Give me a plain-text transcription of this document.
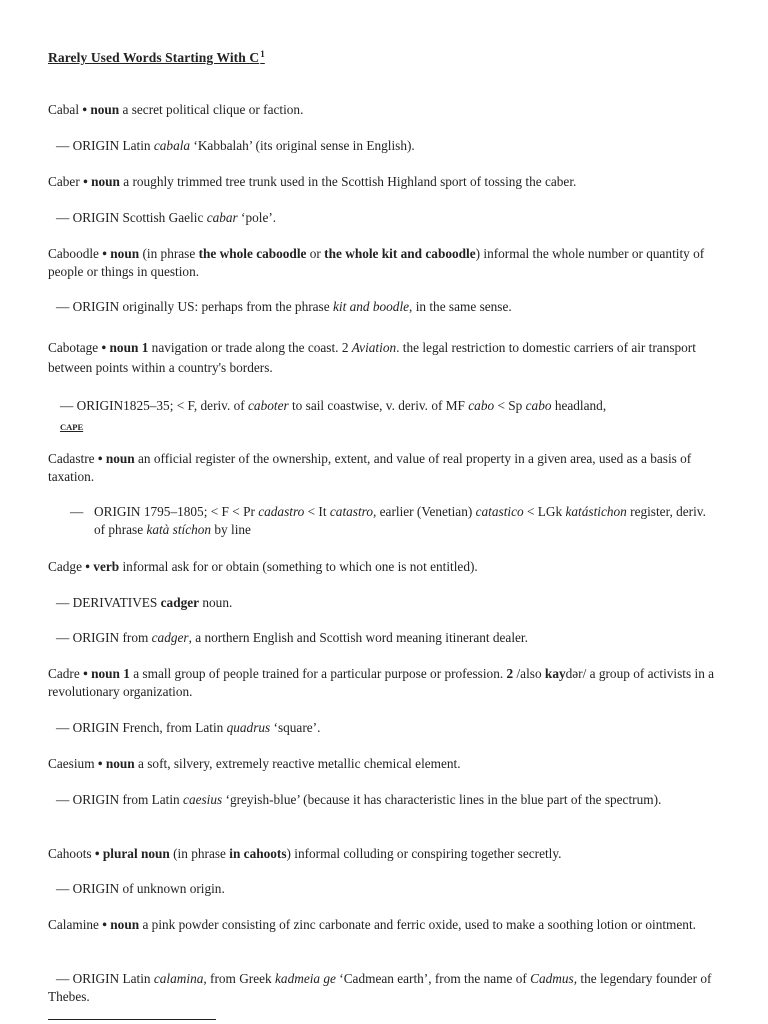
Rarely Used Words Starting With $C^1$
Cabal • noun a secret political clique or faction.
— ORIGIN Latin cabala ‘Kabbalah’ (its original sense in English).
Caber • noun a roughly trimmed tree trunk used in the Scottish Highland sport of tossing the caber.
— ORIGIN Scottish Gaelic cabar ‘pole’.
Caboodle • noun (in phrase the whole caboodle or the whole kit and caboodle) informal the whole number or quantity of people or things in question.
— ORIGIN originally US: perhaps from the phrase kit and boodle, in the same sense.
Cabotage • noun 1 navigation or trade along the coast. 2 Aviation. the legal restriction to domestic carriers of air transport between points within a country's borders.
— ORIGIN1825–35; < F, deriv. of caboter to sail coastwise, v. deriv. of MF cabo < Sp cabo headland,
CAPE
Cadastre • noun an official register of the ownership, extent, and value of real property in a given area, used as a basis of taxation.
— ORIGIN 1795–1805; < F < Pr cadastro < It catastro, earlier (Venetian) catastico < LGk katástichon register, deriv. of phrase katà stíchon by line
Cadge • verb informal ask for or obtain (something to which one is not entitled).
— DERIVATIVES cadger noun.
— ORIGIN from cadger, a northern English and Scottish word meaning itinerant dealer.
Cadre • noun 1 a small group of people trained for a particular purpose or profession. 2 /also kaydər/ a group of activists in a revolutionary organization.
— ORIGIN French, from Latin quadrus ‘square’.
Caesium • noun a soft, silvery, extremely reactive metallic chemical element.
— ORIGIN from Latin caesius ‘greyish-blue’ (because it has characteristic lines in the blue part of the spectrum).
Cahoots • plural noun (in phrase in cahoots) informal colluding or conspiring together secretly.
— ORIGIN of unknown origin.
Calamine • noun a pink powder consisting of zinc carbonate and ferric oxide, used to make a soothing lotion or ointment.
— ORIGIN Latin calamina, from Greek kadmeia ge ‘Cadmean earth’, from the name of Cadmus, the legendary founder of Thebes.
